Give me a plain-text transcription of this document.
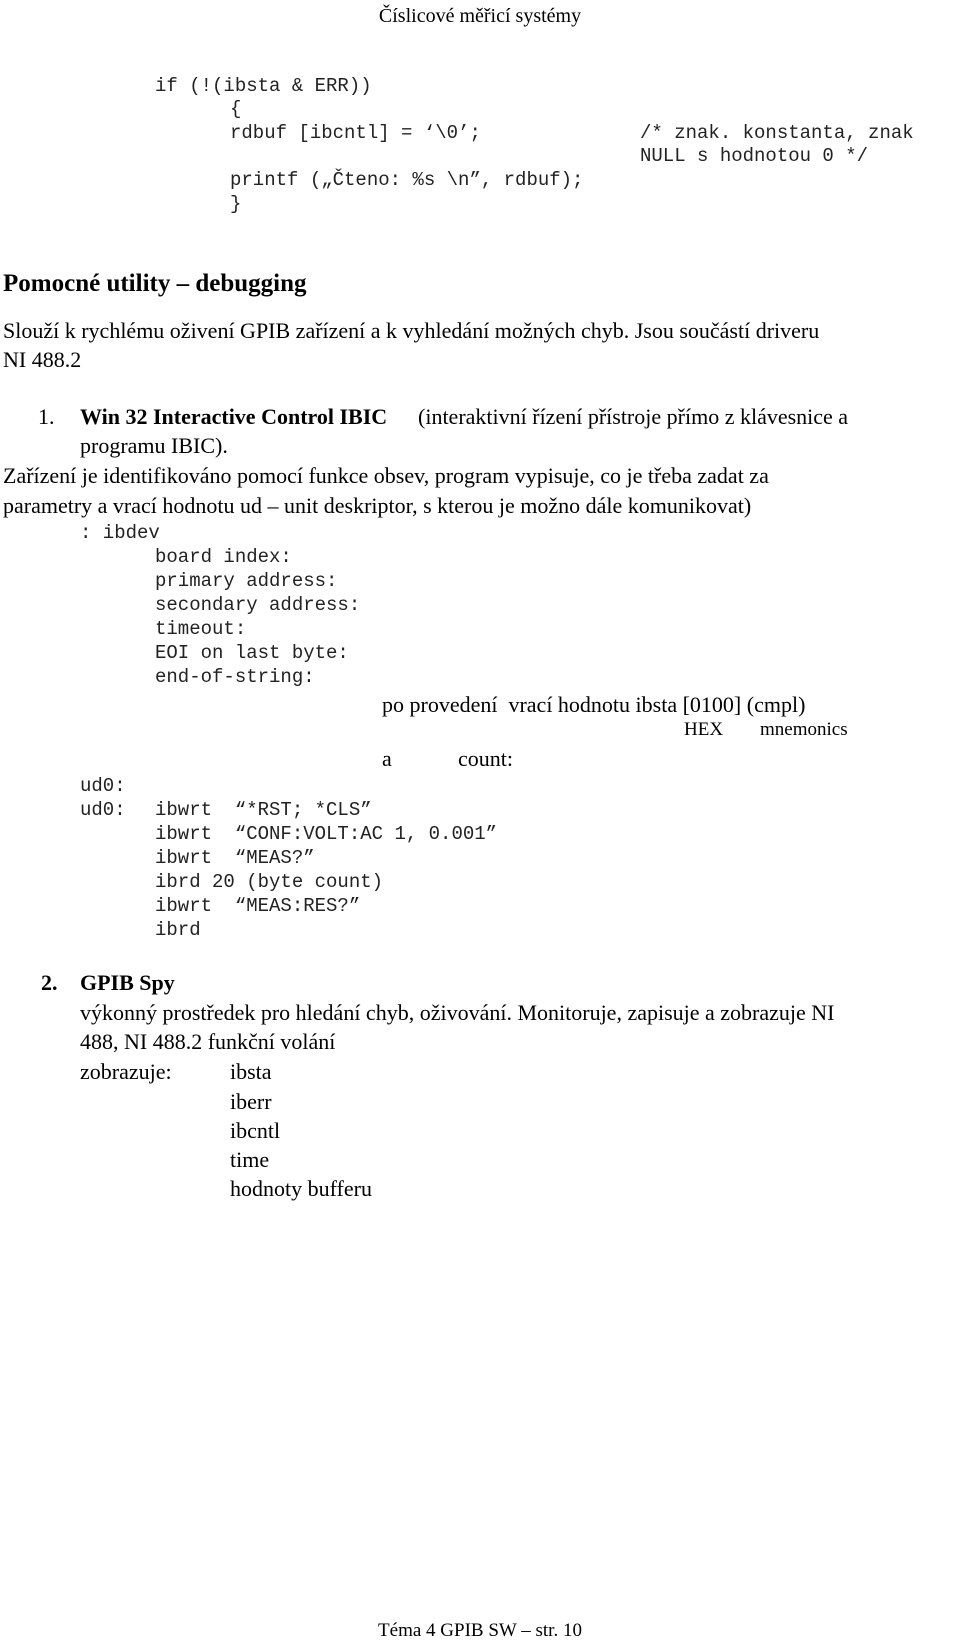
Číslicové měřicí systémy
if (!(ibsta & ERR))
{
rdbuf [ibcntl] = ‘\0’;	/* znak. konstanta, znak
NULL s hodnotou 0 */
printf („Čteno: %s \n”, rdbuf);
}
Pomocné utility – debugging
Slouží k rychlému oživení GPIB zařízení a k vyhledání možných chyb. Jsou součástí driveru
NI 488.2
1. Win 32 Interactive Control IBIC (interaktivní řízení přístroje přímo z klávesnice a
programu IBIC).
Zařízení je identifikováno pomocí funkce obsev, program vypisuje, co je třeba zadat za
parametry a vrací hodnotu ud – unit deskriptor, s kterou je možno dále komunikovat)
: ibdev
board index:
primary address:
secondary address:
timeout:
EOI on last byte:
end-of-string:
po provedení  vrací hodnotu ibsta [0100] (cmpl)
HEX mnemonics
a	count:
ud0:
ud0: ibwrt  “*RST; *CLS”
ibwrt  “CONF:VOLT:AC 1, 0.001”
ibwrt  “MEAS?”
ibrd 20 (byte count)
ibwrt  “MEAS:RES?”
ibrd
2. GPIB Spy
výkonný prostředek pro hledání chyb, oživování. Monitoruje, zapisuje a zobrazuje NI
488, NI 488.2 funkční volání
zobrazuje:	ibsta
iberr
ibcntl
time
hodnoty bufferu
Téma 4 GPIB SW – str. 10
